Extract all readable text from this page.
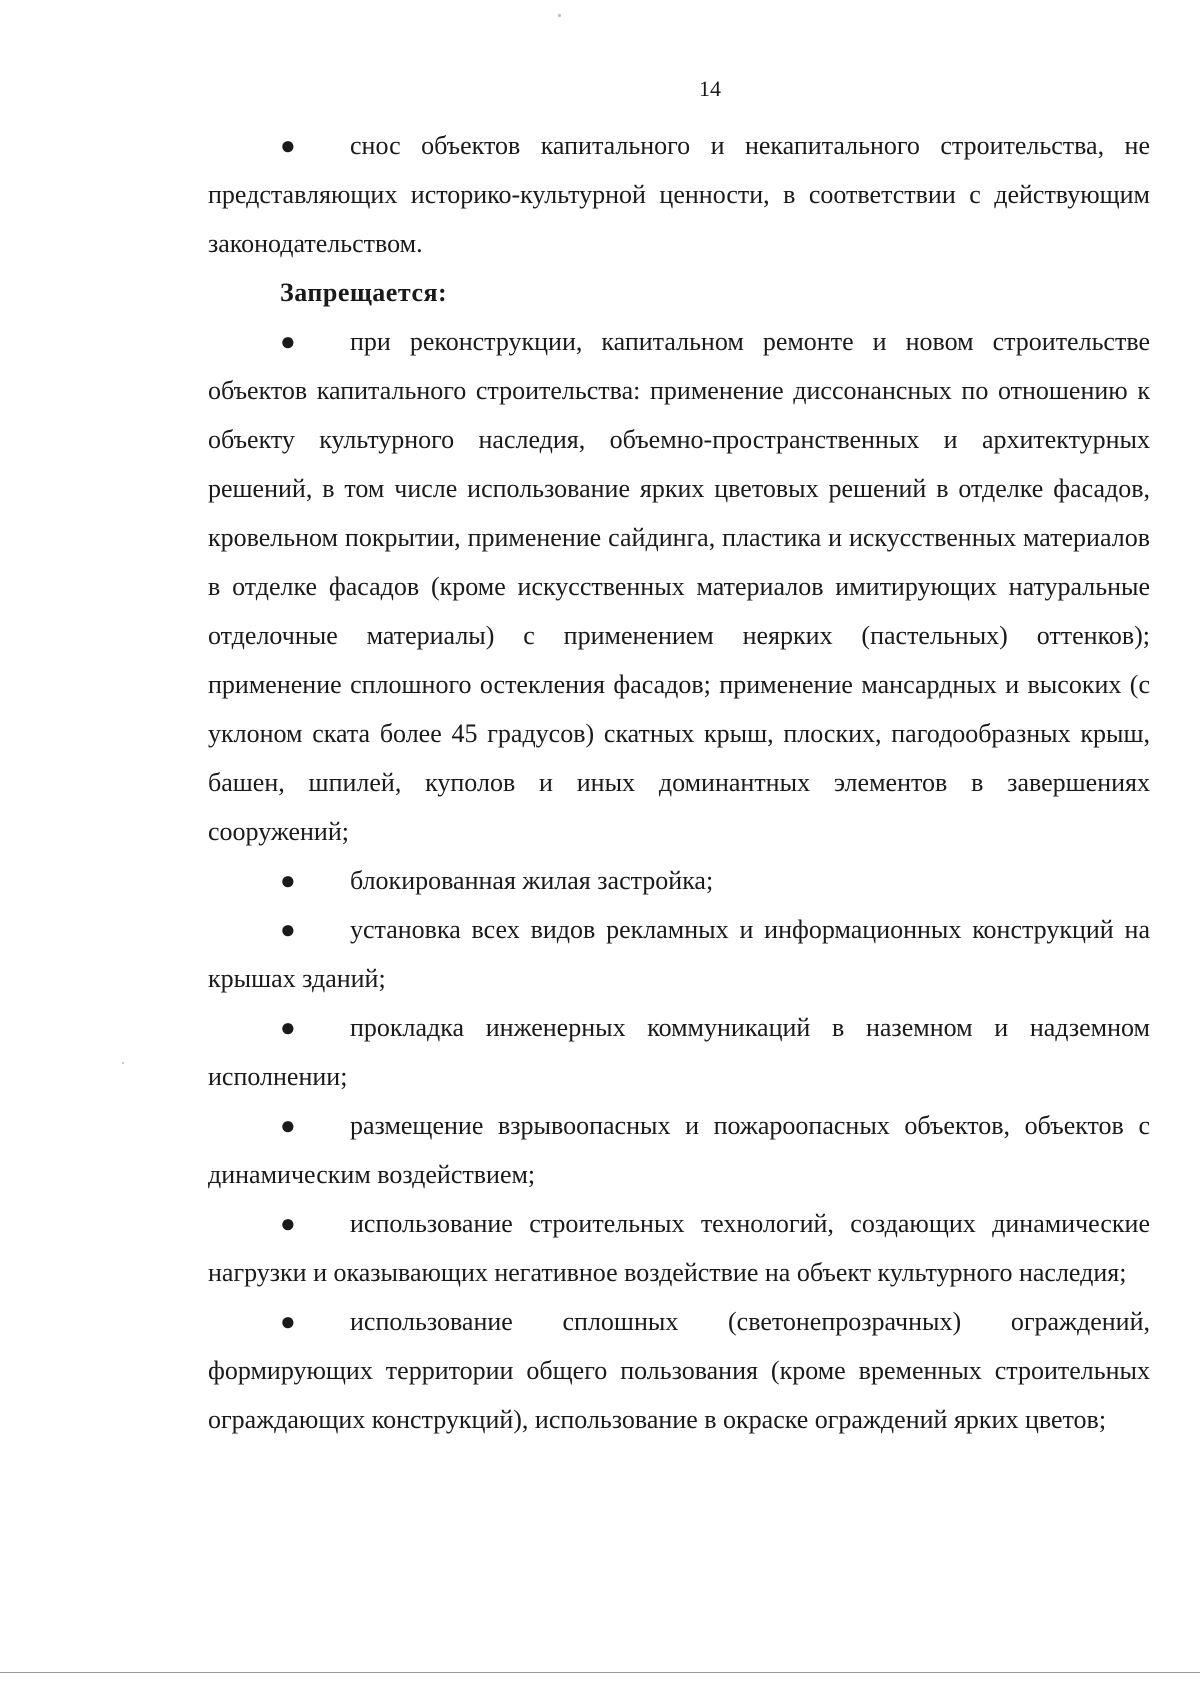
14

● снос объектов капитального и некапитального строительства, не представляющих историко-культурной ценности, в соответствии с действующим законодательством.

Запрещается:

● при реконструкции, капитальном ремонте и новом строительстве объектов капитального строительства: применение диссонансных по отношению к объекту культурного наследия, объемно-пространственных и архитектурных решений, в том числе использование ярких цветовых решений в отделке фасадов, кровельном покрытии, применение сайдинга, пластика и искусственных материалов в отделке фасадов (кроме искусственных материалов имитирующих натуральные отделочные материалы) с применением неярких (пастельных) оттенков); применение сплошного остекления фасадов; применение мансардных и высоких (с уклоном ската более 45 градусов) скатных крыш, плоских, пагодообразных крыш, башен, шпилей, куполов и иных доминантных элементов в завершениях сооружений;

● блокированная жилая застройка;

● установка всех видов рекламных и информационных конструкций на крышах зданий;

● прокладка инженерных коммуникаций в наземном и надземном исполнении;

● размещение взрывоопасных и пожароопасных объектов, объектов с динамическим воздействием;

● использование строительных технологий, создающих динамические нагрузки и оказывающих негативное воздействие на объект культурного наследия;

● использование сплошных (светонепрозрачных) ограждений, формирующих территории общего пользования (кроме временных строительных ограждающих конструкций), использование в окраске ограждений ярких цветов;
